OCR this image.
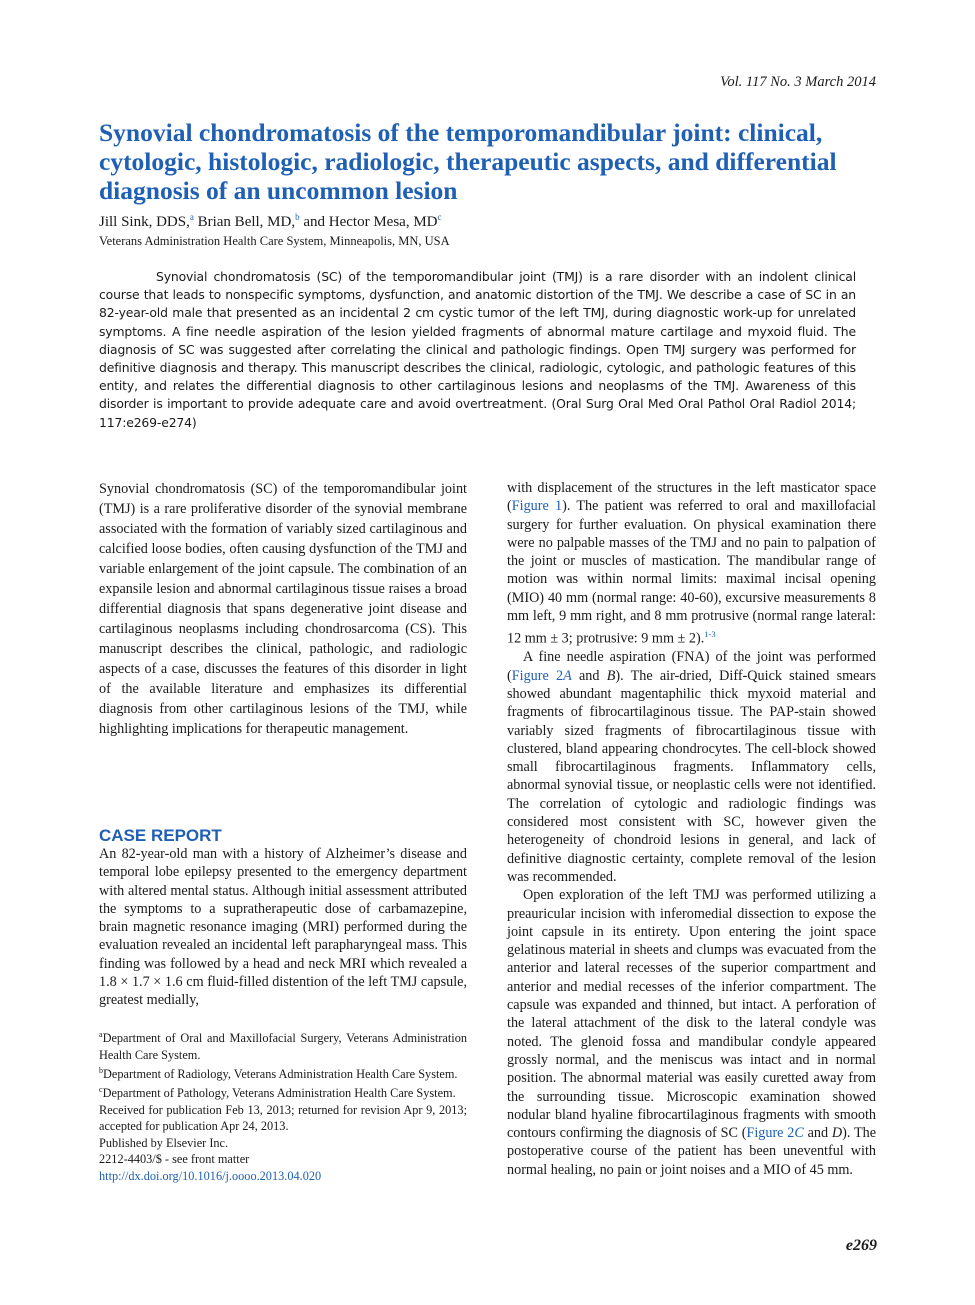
Vol. 117 No. 3 March 2014
Synovial chondromatosis of the temporomandibular joint: clinical, cytologic, histologic, radiologic, therapeutic aspects, and differential diagnosis of an uncommon lesion
Jill Sink, DDS,$^a$ Brian Bell, MD,$^b$ and Hector Mesa, $MD^c$
Veterans Administration Health Care System, Minneapolis, MN, USA

Synovial chondromatosis (SC) of the temporomandibular joint (TMJ) is a rare disorder with an indolent clinical course that leads to nonspecific symptoms, dysfunction, and anatomic distortion of the TMJ. We describe a case of SC in an 82-year-old male that presented as an incidental 2 cm cystic tumor of the left TMJ, during diagnostic work-up for unrelated symptoms. A fine needle aspiration of the lesion yielded fragments of abnormal mature cartilage and myxoid fluid. The diagnosis of SC was suggested after correlating the clinical and pathologic findings. Open TMJ surgery was performed for definitive diagnosis and therapy. This manuscript describes the clinical, radiologic, cytologic, and pathologic features of this entity, and relates the differential diagnosis to other cartilaginous lesions and neoplasms of the TMJ. Awareness of this disorder is important to provide adequate care and avoid overtreatment. (Oral Surg Oral Med Oral Pathol Oral Radiol 2014; 117:e269-e274)

Synovial chondromatosis (SC) of the temporomandibular joint (TMJ) is a rare proliferative disorder of the synovial membrane associated with the formation of variably sized cartilaginous and calcified loose bodies, often causing dysfunction of the TMJ and variable enlargement of the joint capsule. The combination of an expansile lesion and abnormal cartilaginous tissue raises a broad differential diagnosis that spans degenerative joint disease and cartilaginous neoplasms including chondrosarcoma (CS). This manuscript describes the clinical, pathologic, and radiologic aspects of a case, discusses the features of this disorder in light of the available literature and emphasizes its differential diagnosis from other cartilaginous lesions of the TMJ, while highlighting implications for therapeutic management.

CASE REPORT

An 82-year-old man with a history of Alzheimer’s disease and temporal lobe epilepsy presented to the emergency department with altered mental status. Although initial assessment attributed the symptoms to a supratherapeutic dose of carbamazepine, brain magnetic resonance imaging (MRI) performed during the evaluation revealed an incidental left parapharyngeal mass. This finding was followed by a head and neck MRI which revealed a 1.8 × 1.7 × 1.6 cm fluid-filled distention of the left TMJ capsule, greatest medially,

$^a$Department of Oral and Maxillofacial Surgery, Veterans Administration Health Care System.

$^b$Department of Radiology, Veterans Administration Health Care System.

$^c$Department of Pathology, Veterans Administration Health Care System.

Received for publication Feb 13, 2013; returned for revision Apr 9, 2013; accepted for publication Apr 24, 2013.

Published by Elsevier Inc.

2212-4403/$ - see front matter

http://dx.doi.org/10.1016/j.oooo.2013.04.020

with displacement of the structures in the left masticator space (Figure 1). The patient was referred to oral and maxillofacial surgery for further evaluation. On physical examination there were no palpable masses of the TMJ and no pain to palpation of the joint or muscles of mastication. The mandibular range of motion was within normal limits: maximal incisal opening (MIO) 40 mm (normal range: 40-60), excursive measurements 8 mm left, 9 mm right, and 8 mm protrusive (normal range lateral: 12 mm ± 3; protrusive: 9 mm ± 2).$^{1-3}$

A fine needle aspiration (FNA) of the joint was performed (Figure 2A and B). The air-dried, Diff-Quick stained smears showed abundant magentaphilic thick myxoid material and fragments of fibrocartilaginous tissue. The PAP-stain showed variably sized fragments of fibrocartilaginous tissue with clustered, bland appearing chondrocytes. The cell-block showed small fibrocartilaginous fragments. Inflammatory cells, abnormal synovial tissue, or neoplastic cells were not identified. The correlation of cytologic and radiologic findings was considered most consistent with SC, however given the heterogeneity of chondroid lesions in general, and lack of definitive diagnostic certainty, complete removal of the lesion was recommended.

Open exploration of the left TMJ was performed utilizing a preauricular incision with inferomedial dissection to expose the joint capsule in its entirety. Upon entering the joint space gelatinous material in sheets and clumps was evacuated from the anterior and lateral recesses of the superior compartment and anterior and medial recesses of the inferior compartment. The capsule was expanded and thinned, but intact. A perforation of the lateral attachment of the disk to the lateral condyle was noted. The glenoid fossa and mandibular condyle appeared grossly normal, and the meniscus was intact and in normal position. The abnormal material was easily curetted away from the surrounding tissue. Microscopic examination showed nodular bland hyaline fibrocartilaginous fragments with smooth contours confirming the diagnosis of SC (Figure 2C and D). The postoperative course of the patient has been uneventful with normal healing, no pain or joint noises and a MIO of 45 mm.

e269
